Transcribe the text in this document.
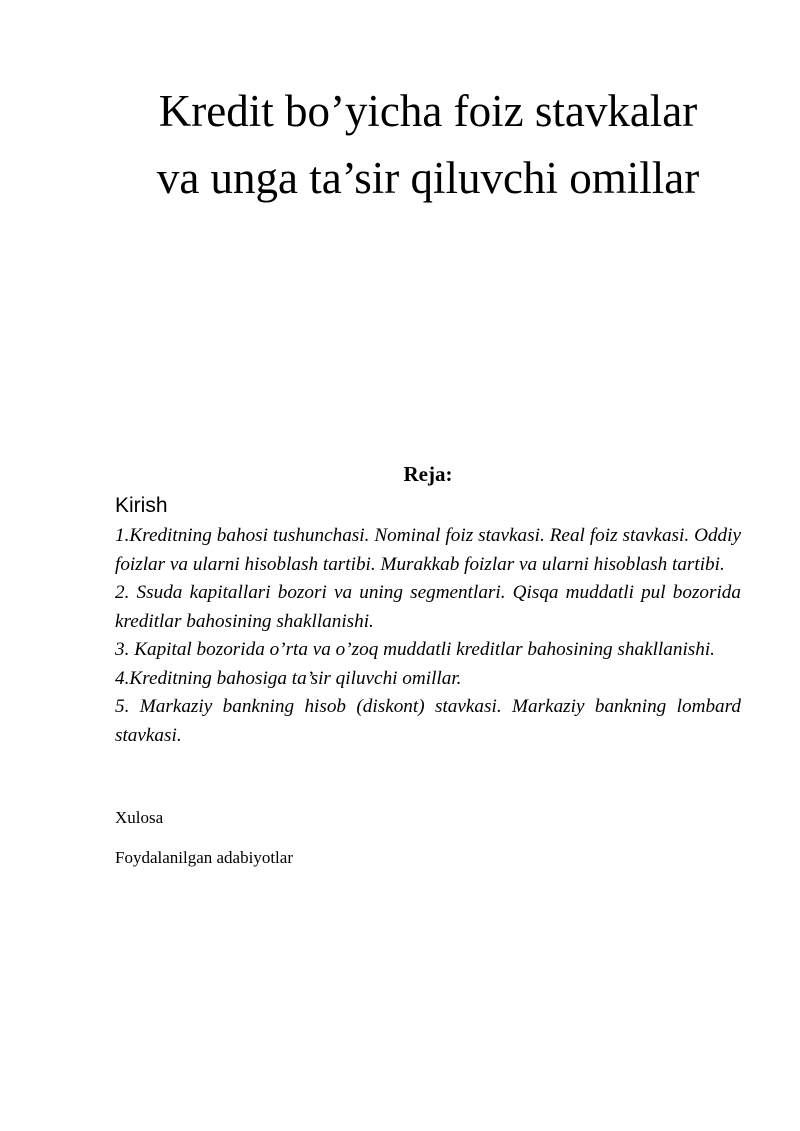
Kredit bo’yicha foiz stavkalar
va unga ta’sir qiluvchi omillar
Reja:

Kirish

1.Kreditning bahosi tushunchasi. Nominal foiz stavkasi. Real foiz stavkasi. Oddiy foizlar va ularni hisoblash tartibi. Murakkab foizlar va ularni hisoblash tartibi.
2. Ssuda kapitallari bozori va uning segmentlari. Qisqa muddatli pul bozorida kreditlar bahosining shakllanishi.
3. Kapital bozorida o’rta va o’zoq muddatli kreditlar bahosining shakllanishi.
4.Kreditning bahosiga ta’sir qiluvchi omillar.
5. Markaziy bankning hisob (diskont) stavkasi. Markaziy bankning lombard stavkasi.

Xulosa

Foydalanilgan adabiyotlar
